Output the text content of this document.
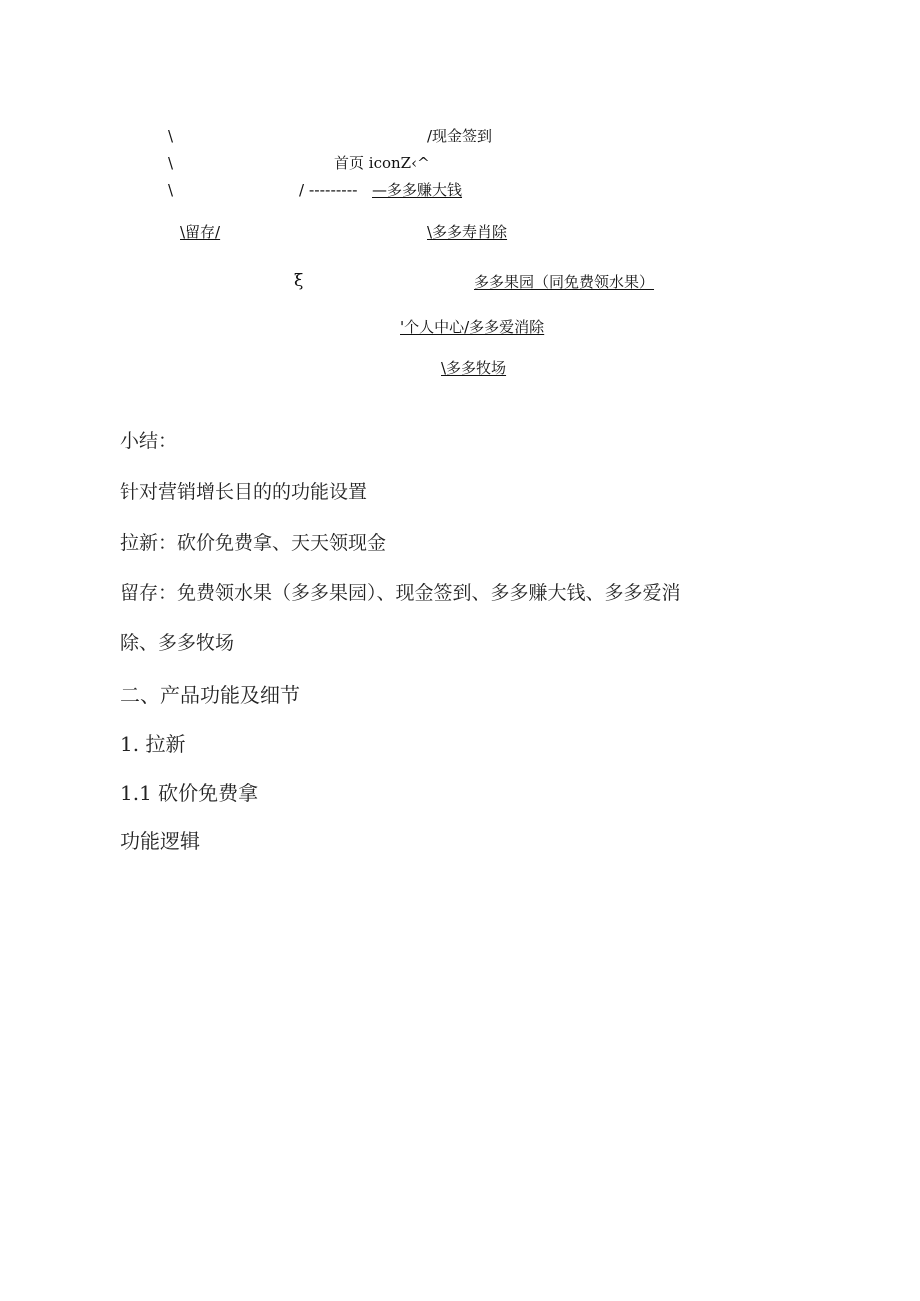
\	/现金签到
\	首页 iconZ‹^
\	/ --------- —多多赚大钱
\留存/	\多多寿肖除
ξ	多多果园（同免费领水果）
'个人中心/多多爱消除
\多多牧场
小结：
针对营销增长目的的功能设置
拉新：砍价免费拿、天天领现金
留存：免费领水果（多多果园）、现金签到、多多赚大钱、多多爱消
除、多多牧场
二、产品功能及细节
1. 拉新
1.1 砍价免费拿
功能逻辑
